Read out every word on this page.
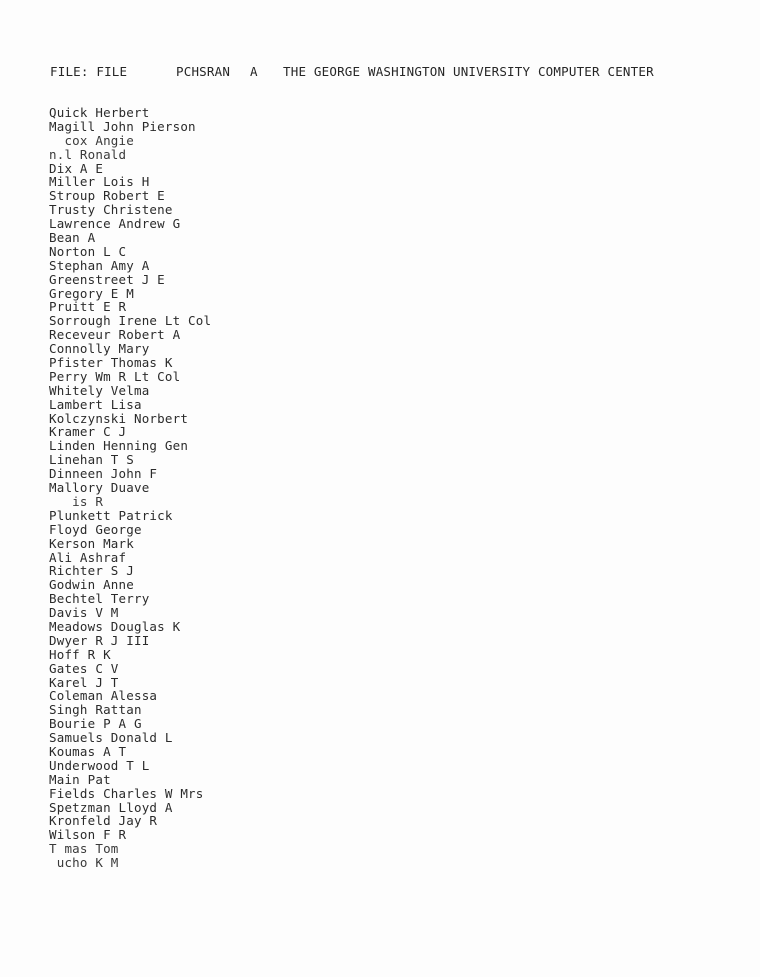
FILE: FILE	PCHSRAN A THE GEORGE WASHINGTON UNIVERSITY COMPUTER CENTER
Quick Herbert
Magill John Pierson
cox Angie
n.l Ronald
Dix A E
Miller Lois H
Stroup Robert E
Trusty Christene
Lawrence Andrew G
Bean A
Norton L C
Stephan Amy A
Greenstreet J E
Gregory E M
Pruitt E R
Sorrough Irene Lt Col
Receveur Robert A
Connolly Mary
Pfister Thomas K
Perry Wm R Lt Col
Whitely Velma
Lambert Lisa
Kolczynski Norbert
Kramer C J
Linden Henning Gen
Linehan T S
Dinneen John F
Mallory Duave
is R
Plunkett Patrick
Floyd George
Kerson Mark
Ali Ashraf
Richter S J
Godwin Anne
Bechtel Terry
Davis V M
Meadows Douglas K
Dwyer R J III
Hoff R K
Gates C V
Karel J T
Coleman Alessa
Singh Rattan
Bourie P A G
Samuels Donald L
Koumas A T
Underwood T L
Main Pat
Fields Charles W Mrs
Spetzman Lloyd A
Kronfeld Jay R
Wilson F R
T mas Tom
ucho K M
